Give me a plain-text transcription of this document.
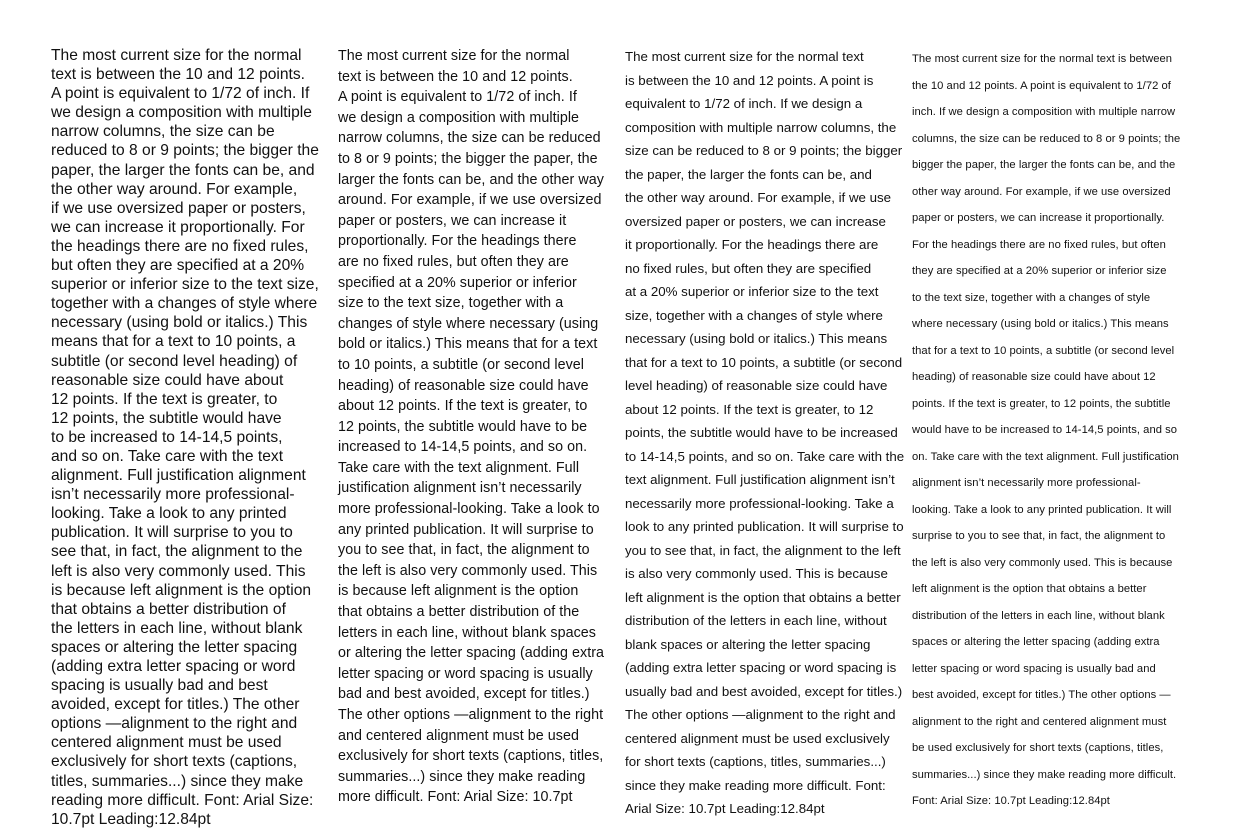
The most current size for the normal
text is between the 10 and 12 points.
A point is equivalent to 1/72 of inch. If
we design a composition with multiple
narrow columns, the size can be
reduced to 8 or 9 points; the bigger the
paper, the larger the fonts can be, and
the other way around. For example,
if we use oversized paper or posters,
we can increase it proportionally. For
the headings there are no fixed rules,
but often they are specified at a 20%
superior or inferior size to the text size,
together with a changes of style where
necessary (using bold or italics.) This
means that for a text to 10 points, a
subtitle (or second level heading) of
reasonable size could have about
12 points. If the text is greater, to
12 points, the subtitle would have
to be increased to 14-14,5 points,
and so on. Take care with the text
alignment. Full justification alignment
isn’t necessarily more professional-
looking. Take a look to any printed
publication. It will surprise to you to
see that, in fact, the alignment to the
left is also very commonly used. This
is because left alignment is the option
that obtains a better distribution of
the letters in each line, without blank
spaces or altering the letter spacing
(adding extra letter spacing or word
spacing is usually bad and best
avoided, except for titles.) The other
options —alignment to the right and
centered alignment must be used
exclusively for short texts (captions,
titles, summaries...) since they make
reading more difficult. Font: Arial Size:
10.7pt Leading:12.84pt
The most current size for the normal
text is between the 10 and 12 points.
A point is equivalent to 1/72 of inch. If
we design a composition with multiple
narrow columns, the size can be reduced
to 8 or 9 points; the bigger the paper, the
larger the fonts can be, and the other way
around. For example, if we use oversized
paper or posters, we can increase it
proportionally. For the headings there
are no fixed rules, but often they are
specified at a 20% superior or inferior
size to the text size, together with a
changes of style where necessary (using
bold or italics.) This means that for a text
to 10 points, a subtitle (or second level
heading) of reasonable size could have
about 12 points. If the text is greater, to
12 points, the subtitle would have to be
increased to 14-14,5 points, and so on.
Take care with the text alignment. Full
justification alignment isn’t necessarily
more professional-looking. Take a look to
any printed publication. It will surprise to
you to see that, in fact, the alignment to
the left is also very commonly used. This
is because left alignment is the option
that obtains a better distribution of the
letters in each line, without blank spaces
or altering the letter spacing (adding extra
letter spacing or word spacing is usually
bad and best avoided, except for titles.)
The other options —alignment to the right
and centered alignment must be used
exclusively for short texts (captions, titles,
summaries...) since they make reading
more difficult. Font: Arial Size: 10.7pt
The most current size for the normal text
is between the 10 and 12 points. A point is
equivalent to 1/72 of inch. If we design a
composition with multiple narrow columns, the
size can be reduced to 8 or 9 points; the bigger
the paper, the larger the fonts can be, and
the other way around. For example, if we use
oversized paper or posters, we can increase
it proportionally. For the headings there are
no fixed rules, but often they are specified
at a 20% superior or inferior size to the text
size, together with a changes of style where
necessary (using bold or italics.) This means
that for a text to 10 points, a subtitle (or second
level heading) of reasonable size could have
about 12 points. If the text is greater, to 12
points, the subtitle would have to be increased
to 14-14,5 points, and so on. Take care with the
text alignment. Full justification alignment isn’t
necessarily more professional-looking. Take a
look to any printed publication. It will surprise to
you to see that, in fact, the alignment to the left
is also very commonly used. This is because
left alignment is the option that obtains a better
distribution of the letters in each line, without
blank spaces or altering the letter spacing
(adding extra letter spacing or word spacing is
usually bad and best avoided, except for titles.)
The other options —alignment to the right and
centered alignment must be used exclusively
for short texts (captions, titles, summaries...)
since they make reading more difficult. Font:
Arial Size: 10.7pt Leading:12.84pt
The most current size for the normal text is between
the 10 and 12 points. A point is equivalent to 1/72 of
inch. If we design a composition with multiple narrow
columns, the size can be reduced to 8 or 9 points; the
bigger the paper, the larger the fonts can be, and the
other way around. For example, if we use oversized
paper or posters, we can increase it proportionally.
For the headings there are no fixed rules, but often
they are specified at a 20% superior or inferior size
to the text size, together with a changes of style
where necessary (using bold or italics.) This means
that for a text to 10 points, a subtitle (or second level
heading) of reasonable size could have about 12
points. If the text is greater, to 12 points, the subtitle
would have to be increased to 14-14,5 points, and so
on. Take care with the text alignment. Full justification
alignment isn’t necessarily more professional-
looking. Take a look to any printed publication. It will
surprise to you to see that, in fact, the alignment to
the left is also very commonly used. This is because
left alignment is the option that obtains a better
distribution of the letters in each line, without blank
spaces or altering the letter spacing (adding extra
letter spacing or word spacing is usually bad and
best avoided, except for titles.) The other options —
alignment to the right and centered alignment must
be used exclusively for short texts (captions, titles,
summaries...) since they make reading more difficult.
Font: Arial Size: 10.7pt Leading:12.84pt
